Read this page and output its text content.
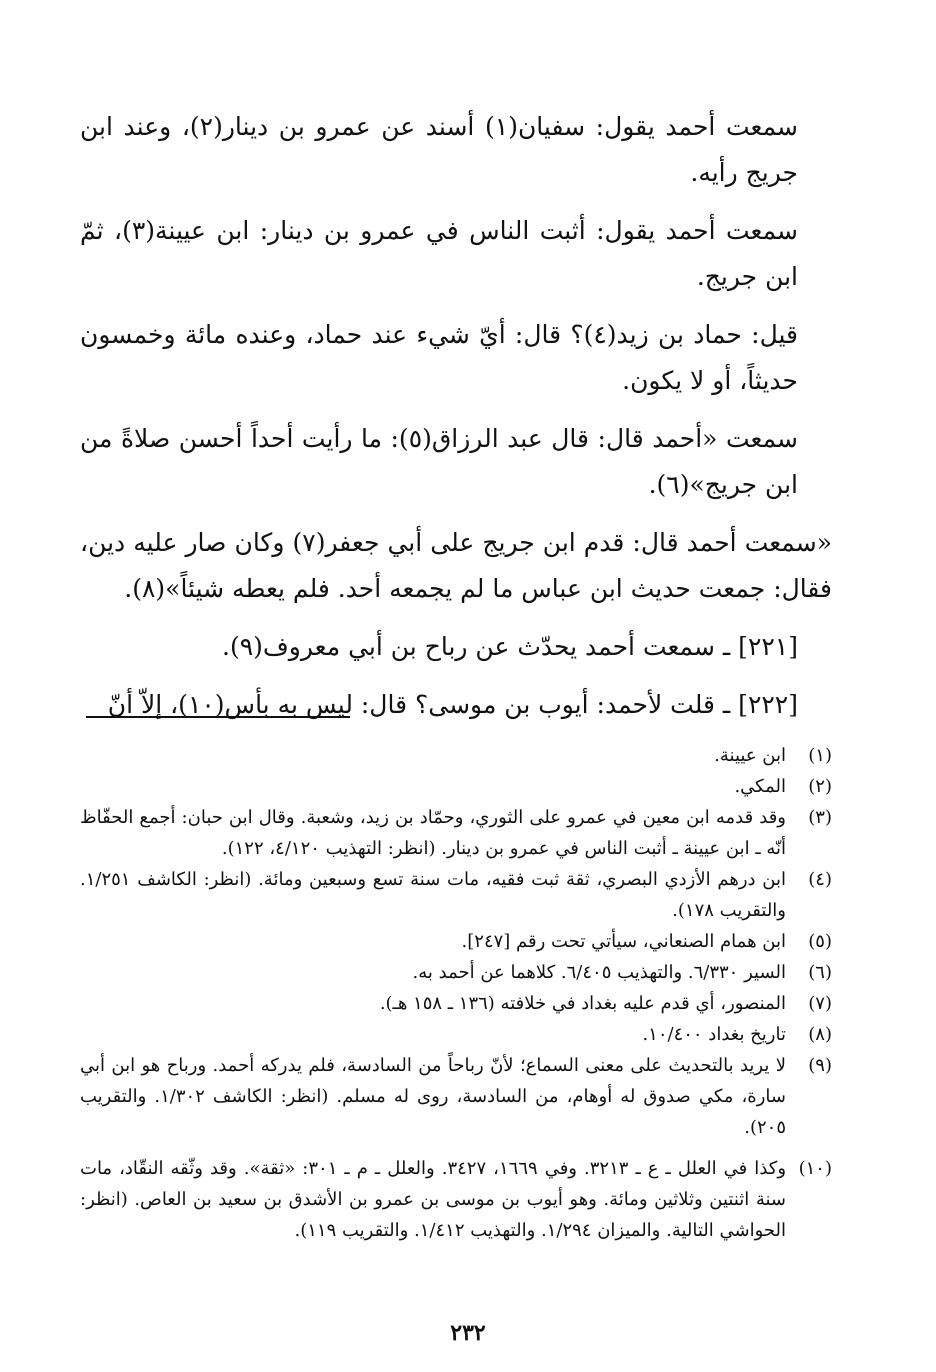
سمعت أحمد يقول: سفيان(١) أسند عن عمرو بن دينار(٢)، وعند ابن جريج رأيه.

سمعت أحمد يقول: أثبت الناس في عمرو بن دينار: ابن عيينة(٣)، ثمّ ابن جريج.

قيل: حماد بن زيد(٤)؟ قال: أيّ شيء عند حماد، وعنده مائة وخمسون حديثاً، أو لا يكون.

سمعت «أحمد قال: قال عبد الرزاق(٥): ما رأيت أحداً أحسن صلاةً من ابن جريج»(٦).

«سمعت أحمد قال: قدم ابن جريج على أبي جعفر(٧) وكان صار عليه دين، فقال: جمعت حديث ابن عباس ما لم يجمعه أحد. فلم يعطه شيئاً»(٨).

[٢٢١] ـ سمعت أحمد يحدّث عن رباح بن أبي معروف(٩).

[٢٢٢] ـ قلت لأحمد: أيوب بن موسى؟ قال: ليس به بأس(١٠)، إلاّ أنّ

(١)
ابن عيينة.
(٢)
المكي.
(٣)
وقد قدمه ابن معين في عمرو على الثوري، وحمّاد بن زيد، وشعبة. وقال ابن حبان: أجمع الحفّاظ أنّه ـ ابن عيينة ـ أثبت الناس في عمرو بن دينار. (انظر: التهذيب ٤/١٢٠، ١٢٢).
(٤)
ابن درهم الأزدي البصري، ثقة ثبت فقيه، مات سنة تسع وسبعين ومائة. (انظر: الكاشف ١/٢٥١. والتقريب ١٧٨).
(٥)
ابن همام الصنعاني، سيأتي تحت رقم [٢٤٧].
(٦)
السير ٦/٣٣٠. والتهذيب ٦/٤٠٥. كلاهما عن أحمد به.
(٧)
المنصور، أي قدم عليه بغداد في خلافته (١٣٦ ـ ١٥٨ هـ).
(٨)
تاريخ بغداد ١٠/٤٠٠.
(٩)
لا يريد بالتحديث على معنى السماع؛ لأنّ رباحاً من السادسة، فلم يدركه أحمد. ورباح هو ابن أبي سارة، مكي صدوق له أوهام، من السادسة، روى له مسلم. (انظر: الكاشف ١/٣٠٢. والتقريب ٢٠٥).
(١٠)
وكذا في العلل ـ ع ـ ٣٢١٣. وفي ١٦٦٩، ٣٤٢٧. والعلل ـ م ـ ٣٠١: «ثقة». وقد وثّقه النقّاد، مات سنة اثنتين وثلاثين ومائة. وهو أيوب بن موسى بن عمرو بن الأشدق بن سعيد بن العاص. (انظر: الحواشي التالية. والميزان ١/٢٩٤. والتهذيب ١/٤١٢. والتقريب ١١٩).
٢٣٢
